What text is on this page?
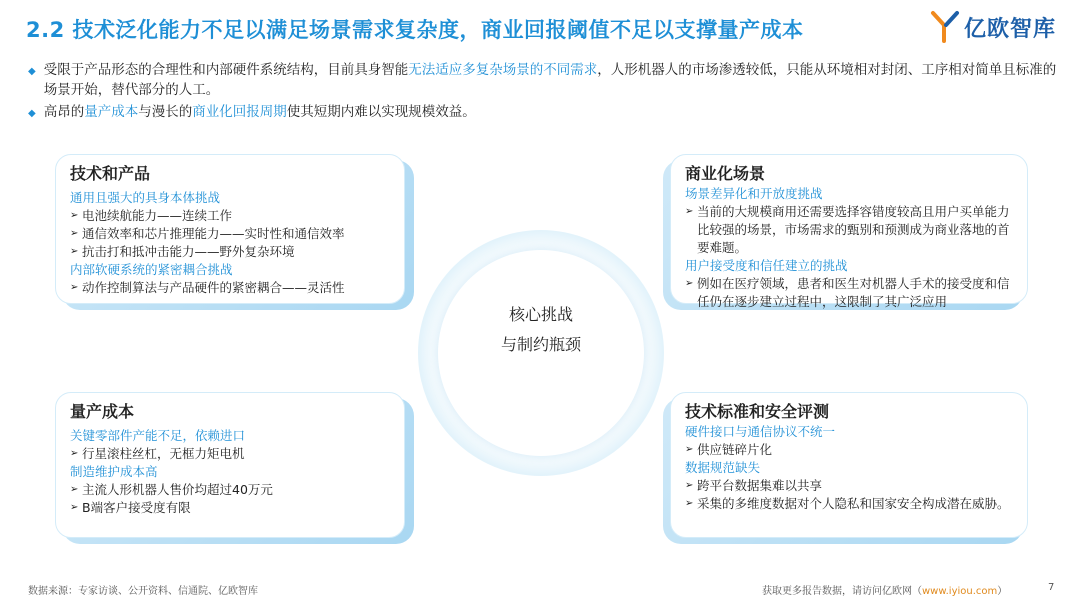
2.2 技术泛化能力不足以满足场景需求复杂度，商业回报阈值不足以支撑量产成本	亿欧智库
◆ 受限于产品形态的合理性和内部硬件系统结构，目前具身智能无法适应多复杂场景的不同需求，人形机器人的市场渗透较低，只能从环境相对封闭、工序相对简单且标准的场景开始，替代部分的人工。
◆ 高昂的量产成本与漫长的商业化回报周期使其短期内难以实现规模效益。
核心挑战
与制约瓶颈
技术和产品
通用且强大的具身本体挑战
➢ 电池续航能力——连续工作
➢ 通信效率和芯片推理能力——实时性和通信效率
➢ 抗击打和抵冲击能力——野外复杂环境
内部软硬系统的紧密耦合挑战
➢ 动作控制算法与产品硬件的紧密耦合——灵活性
商业化场景
场景差异化和开放度挑战
➢ 当前的大规模商用还需要选择容错度较高且用户买单能力比较强的场景，市场需求的甄别和预测成为商业落地的首要难题。
用户接受度和信任建立的挑战
➢ 例如在医疗领域，患者和医生对机器人手术的接受度和信任仍在逐步建立过程中，这限制了其广泛应用
量产成本
关键零部件产能不足，依赖进口
➢ 行星滚柱丝杠，无框力矩电机
制造维护成本高
➢ 主流人形机器人售价均超过40万元
➢ B端客户接受度有限
技术标准和安全评测
硬件接口与通信协议不统一
➢ 供应链碎片化
数据规范缺失
➢ 跨平台数据集难以共享
➢ 采集的多维度数据对个人隐私和国家安全构成潜在威胁。
数据来源：专家访谈、公开资料、信通院、亿欧智库	获取更多报告数据，请访问亿欧网（www.iyiou.com）	7
